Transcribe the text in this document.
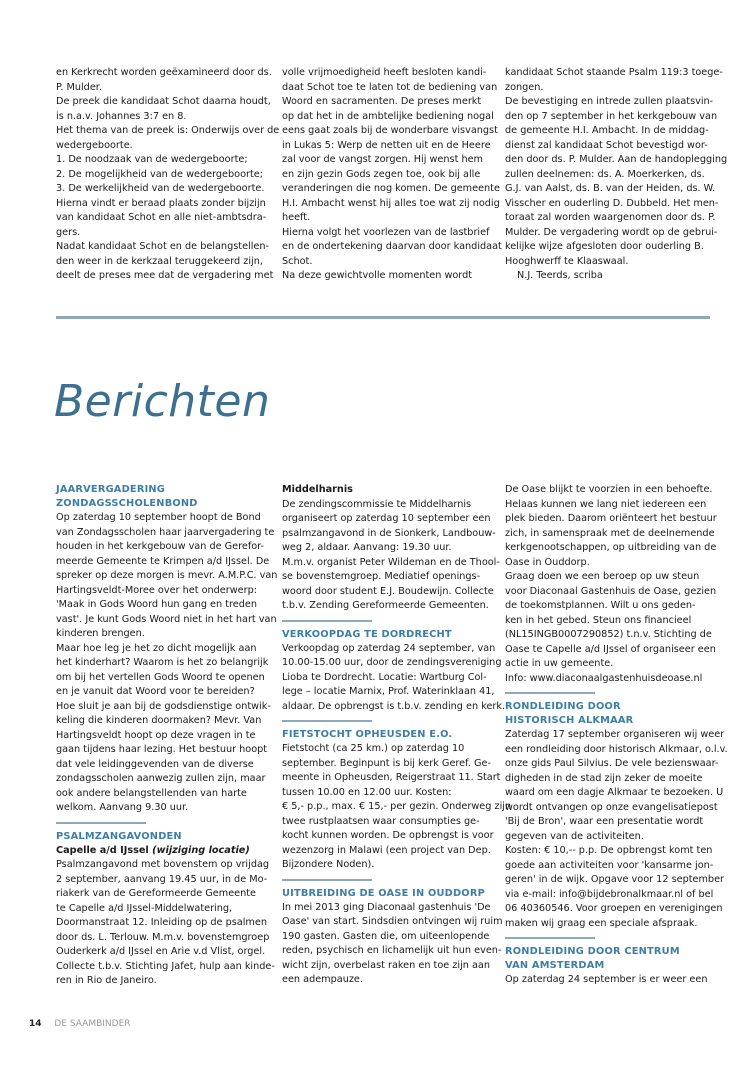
en Kerkrecht worden geëxamineerd door ds.
P. Mulder.
De preek die kandidaat Schot daarna houdt,
is n.a.v. Johannes 3:7 en 8.
Het thema van de preek is: Onderwijs over de
wedergeboorte.
1. De noodzaak van de wedergeboorte;
2. De mogelijkheid van de wedergeboorte;
3. De werkelijkheid van de wedergeboorte.
Hierna vindt er beraad plaats zonder bijzijn
van kandidaat Schot en alle niet-ambtsdra-
gers.
Nadat kandidaat Schot en de belangstellen-
den weer in de kerkzaal teruggekeerd zijn,
deelt de preses mee dat de vergadering met
volle vrijmoedigheid heeft besloten kandi-
daat Schot toe te laten tot de bediening van
Woord en sacramenten. De preses merkt
op dat het in de ambtelijke bediening nogal
eens gaat zoals bij de wonderbare visvangst
in Lukas 5: Werp de netten uit en de Heere
zal voor de vangst zorgen. Hij wenst hem
en zijn gezin Gods zegen toe, ook bij alle
veranderingen die nog komen. De gemeente
H.I. Ambacht wenst hij alles toe wat zij nodig
heeft.
Hierna volgt het voorlezen van de lastbrief
en de ondertekening daarvan door kandidaat
Schot.
Na deze gewichtvolle momenten wordt
kandidaat Schot staande Psalm 119:3 toege-
zongen.
De bevestiging en intrede zullen plaatsvin-
den op 7 september in het kerkgebouw van
de gemeente H.I. Ambacht. In de middag-
dienst zal kandidaat Schot bevestigd wor-
den door ds. P. Mulder. Aan de handoplegging
zullen deelnemen: ds. A. Moerkerken, ds.
G.J. van Aalst, ds. B. van der Heiden, ds. W.
Visscher en ouderling D. Dubbeld. Het men-
toraat zal worden waargenomen door ds. P.
Mulder. De vergadering wordt op de gebrui-
kelijke wijze afgesloten door ouderling B.
Hooghwerff te Klaaswaal.
N.J. Teerds, scriba
Berichten
JAARVERGADERING
ZONDAGSSCHOLENBOND
Op zaterdag 10 september hoopt de Bond
van Zondagsscholen haar jaarvergadering te
houden in het kerkgebouw van de Gerefor-
meerde Gemeente te Krimpen a/d IJssel. De
spreker op deze morgen is mevr. A.M.P.C. van
Hartingsveldt-Moree over het onderwerp:
'Maak in Gods Woord hun gang en treden
vast'. Je kunt Gods Woord niet in het hart van
kinderen brengen.
Maar hoe leg je het zo dicht mogelijk aan
het kinderhart? Waarom is het zo belangrijk
om bij het vertellen Gods Woord te openen
en je vanuit dat Woord voor te bereiden?
Hoe sluit je aan bij de godsdienstige ontwik-
keling die kinderen doormaken? Mevr. Van
Hartingsveldt hoopt op deze vragen in te
gaan tijdens haar lezing. Het bestuur hoopt
dat vele leidinggevenden van de diverse
zondagsscholen aanwezig zullen zijn, maar
ook andere belangstellenden van harte
welkom. Aanvang 9.30 uur.
PSALMZANGAVONDEN
Capelle a/d IJssel (wijziging locatie)
Psalmzangavond met bovenstem op vrijdag
2 september, aanvang 19.45 uur, in de Mo-
riakerk van de Gereformeerde Gemeente
te Capelle a/d IJssel-Middelwatering,
Doormanstraat 12. Inleiding op de psalmen
door ds. L. Terlouw. M.m.v. bovenstemgroep
Ouderkerk a/d IJssel en Arie v.d Vlist, orgel.
Collecte t.b.v. Stichting Jafet, hulp aan kinde-
ren in Rio de Janeiro.
Middelharnis
De zendingscommissie te Middelharnis
organiseert op zaterdag 10 september een
psalmzangavond in de Sionkerk, Landbouw-
weg 2, aldaar. Aanvang: 19.30 uur.
M.m.v. organist Peter Wildeman en de Thool-
se bovenstemgroep. Mediatief openings-
woord door student E.J. Boudewijn. Collecte
t.b.v. Zending Gereformeerde Gemeenten.
VERKOOPDAG TE DORDRECHT
Verkoopdag op zaterdag 24 september, van
10.00-15.00 uur, door de zendingsvereniging
Lioba te Dordrecht. Locatie: Wartburg Col-
lege – locatie Marnix, Prof. Waterinklaan 41,
aldaar. De opbrengst is t.b.v. zending en kerk.
FIETSTOCHT OPHEUSDEN E.O.
Fietstocht (ca 25 km.) op zaterdag 10
september. Beginpunt is bij kerk Geref. Ge-
meente in Opheusden, Reigerstraat 11. Start
tussen 10.00 en 12.00 uur. Kosten:
€ 5,- p.p., max. € 15,- per gezin. Onderweg zijn
twee rustplaatsen waar consumpties ge-
kocht kunnen worden. De opbrengst is voor
wezenzorg in Malawi (een project van Dep.
Bijzondere Noden).
UITBREIDING DE OASE IN OUDDORP
In mei 2013 ging Diaconaal gastenhuis 'De
Oase' van start. Sindsdien ontvingen wij ruim
190 gasten. Gasten die, om uiteenlopende
reden, psychisch en lichamelijk uit hun even-
wicht zijn, overbelast raken en toe zijn aan
een adempauze.
De Oase blijkt te voorzien in een behoefte.
Helaas kunnen we lang niet iedereen een
plek bieden. Daarom oriënteert het bestuur
zich, in samenspraak met de deelnemende
kerkgenootschappen, op uitbreiding van de
Oase in Ouddorp.
Graag doen we een beroep op uw steun
voor Diaconaal Gastenhuis de Oase, gezien
de toekomstplannen. Wilt u ons geden-
ken in het gebed. Steun ons financieel
(NL15INGB0007290852) t.n.v. Stichting de
Oase te Capelle a/d IJssel of organiseer een
actie in uw gemeente.
Info: www.diaconaalgastenhuisdeoase.nl
RONDLEIDING DOOR
HISTORISCH ALKMAAR
Zaterdag 17 september organiseren wij weer
een rondleiding door historisch Alkmaar, o.l.v.
onze gids Paul Silvius. De vele bezienswaar-
digheden in de stad zijn zeker de moeite
waard om een dagje Alkmaar te bezoeken. U
wordt ontvangen op onze evangelisatiepost
'Bij de Bron', waar een presentatie wordt
gegeven van de activiteiten.
Kosten: € 10,-- p.p. De opbrengst komt ten
goede aan activiteiten voor 'kansarme jon-
geren' in de wijk. Opgave voor 12 september
via e-mail: info@bijdebronalkmaar.nl of bel
06 40360546. Voor groepen en verenigingen
maken wij graag een speciale afspraak.
RONDLEIDING DOOR CENTRUM
VAN AMSTERDAM
Op zaterdag 24 september is er weer een
14 DE SAAMBINDER
